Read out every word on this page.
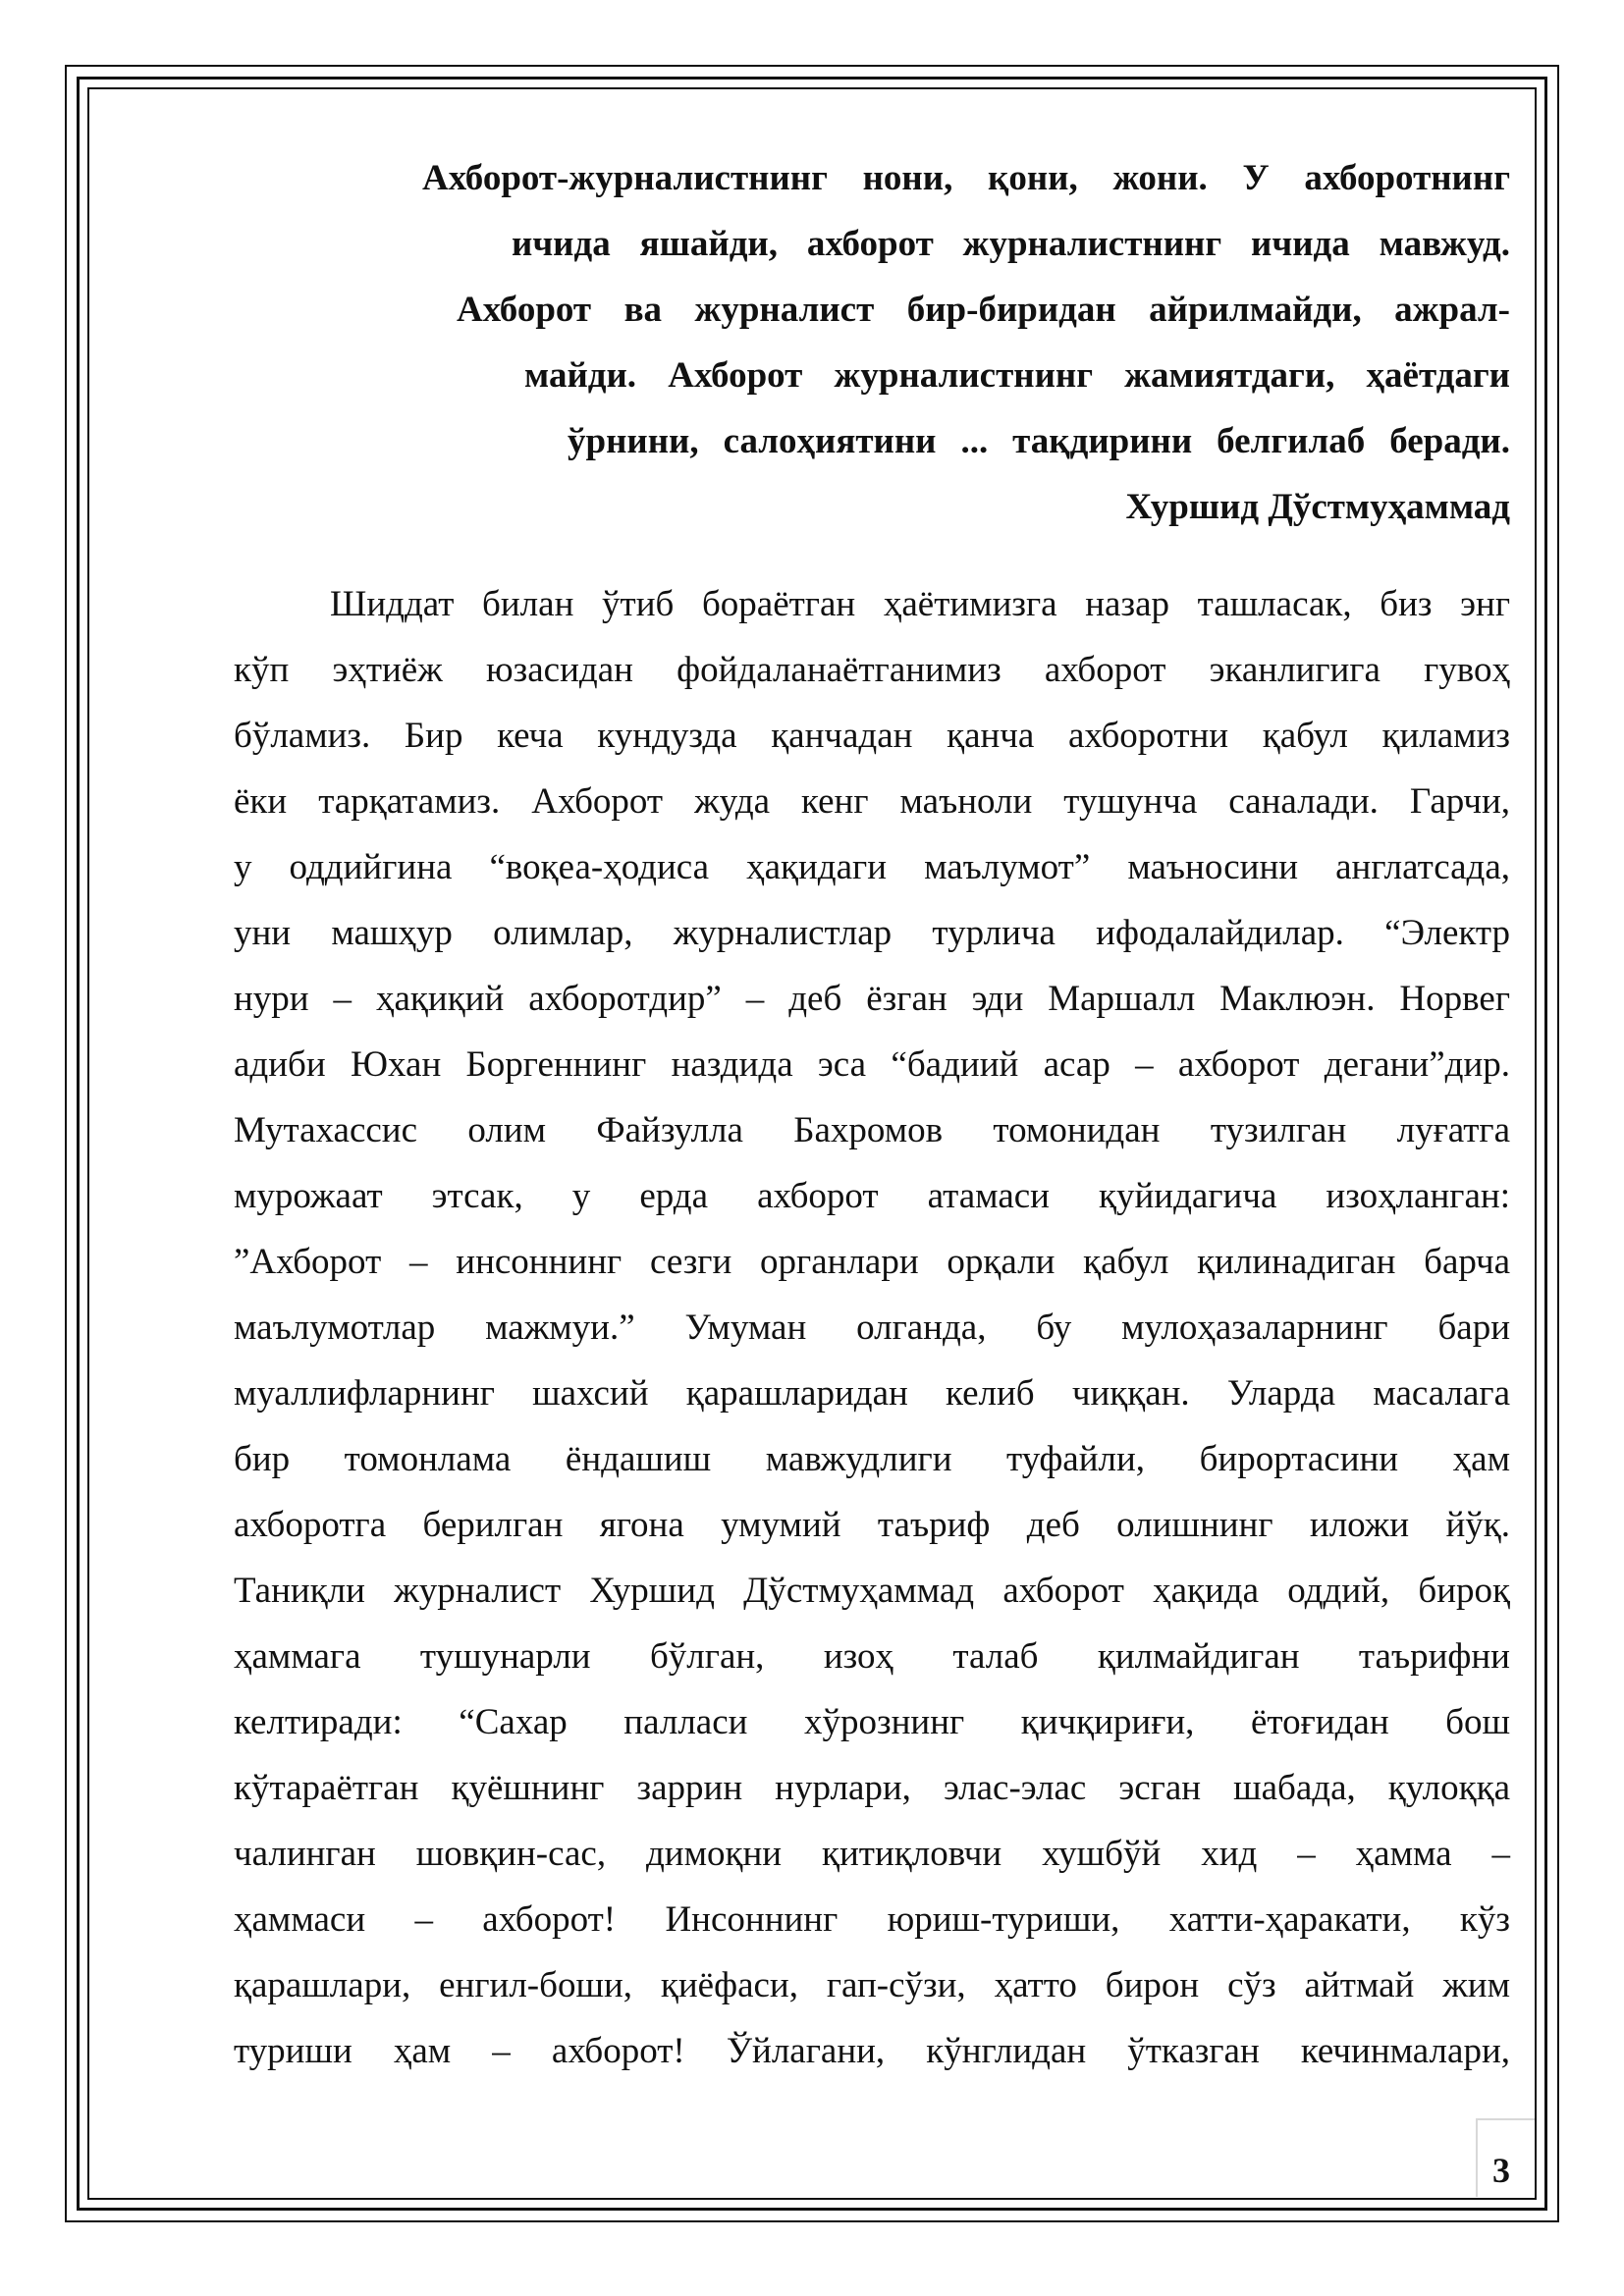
Ахборот-журналистнинг нони, қони, жони. У ахборотнинг
ичида яшайди, ахборот журналистнинг ичида мавжуд.
Ахборот ва журналист бир-биридан айрилмайди, ажрал-
майди. Ахборот журналистнинг жамиятдаги, ҳаётдаги
ўрнини, салоҳиятини ... тақдирини белгилаб беради.
Хуршид Дўстмуҳаммад
Шиддат билан ўтиб бораётган ҳаётимизга назар ташласак, биз энг
кўп эҳтиёж юзасидан фойдаланаётганимиз ахборот эканлигига гувоҳ
бўламиз. Бир кеча кундузда қанчадан қанча ахборотни қабул қиламиз
ёки тарқатамиз. Ахборот жуда кенг маъноли тушунча саналади. Гарчи,
у оддийгина “воқеа-ҳодиса ҳақидаги маълумот” маъносини англатсада,
уни машҳур олимлар, журналистлар турлича ифодалайдилар. “Электр
нури – ҳақиқий ахборотдир” – деб ёзган эди Маршалл Маклюэн. Норвег
адиби Юхан Боргеннинг наздида эса “бадиий асар – ахборот дегани”дир.
Мутахассис олим Файзулла Бахромов томонидан тузилган луғатга
мурожаат этсак, у ерда ахборот атамаси қуйидагича изоҳланган:
”Ахборот – инсоннинг сезги органлари орқали қабул қилинадиган барча
маълумотлар мажмуи.” Умуман олганда, бу мулоҳазаларнинг бари
муаллифларнинг шахсий қарашларидан келиб чиққан. Уларда масалага
бир томонлама ёндашиш мавжудлиги туфайли, бирортасини ҳам
ахборотга берилган ягона умумий таъриф деб олишнинг иложи йўқ.
Таниқли журналист Хуршид Дўстмуҳаммад ахборот ҳақида оддий, бироқ
ҳаммага тушунарли бўлган, изоҳ талаб қилмайдиган таърифни
келтиради: “Сахар палласи хўрознинг қичқириғи, ётоғидан бош
кўтараётган қуёшнинг заррин нурлари, элас-элас эсган шабада, қулоққа
чалинган шовқин-сас, димоқни қитиқловчи хушбўй хид – ҳамма –
ҳаммаси – ахборот! Инсоннинг юриш-туриши, хатти-ҳаракати, кўз
қарашлари, енгил-боши, қиёфаси, гап-сўзи, ҳатто бирон сўз айтмай жим
туриши ҳам – ахборот! Ўйлагани, кўнглидан ўтказган кечинмалари,
3
